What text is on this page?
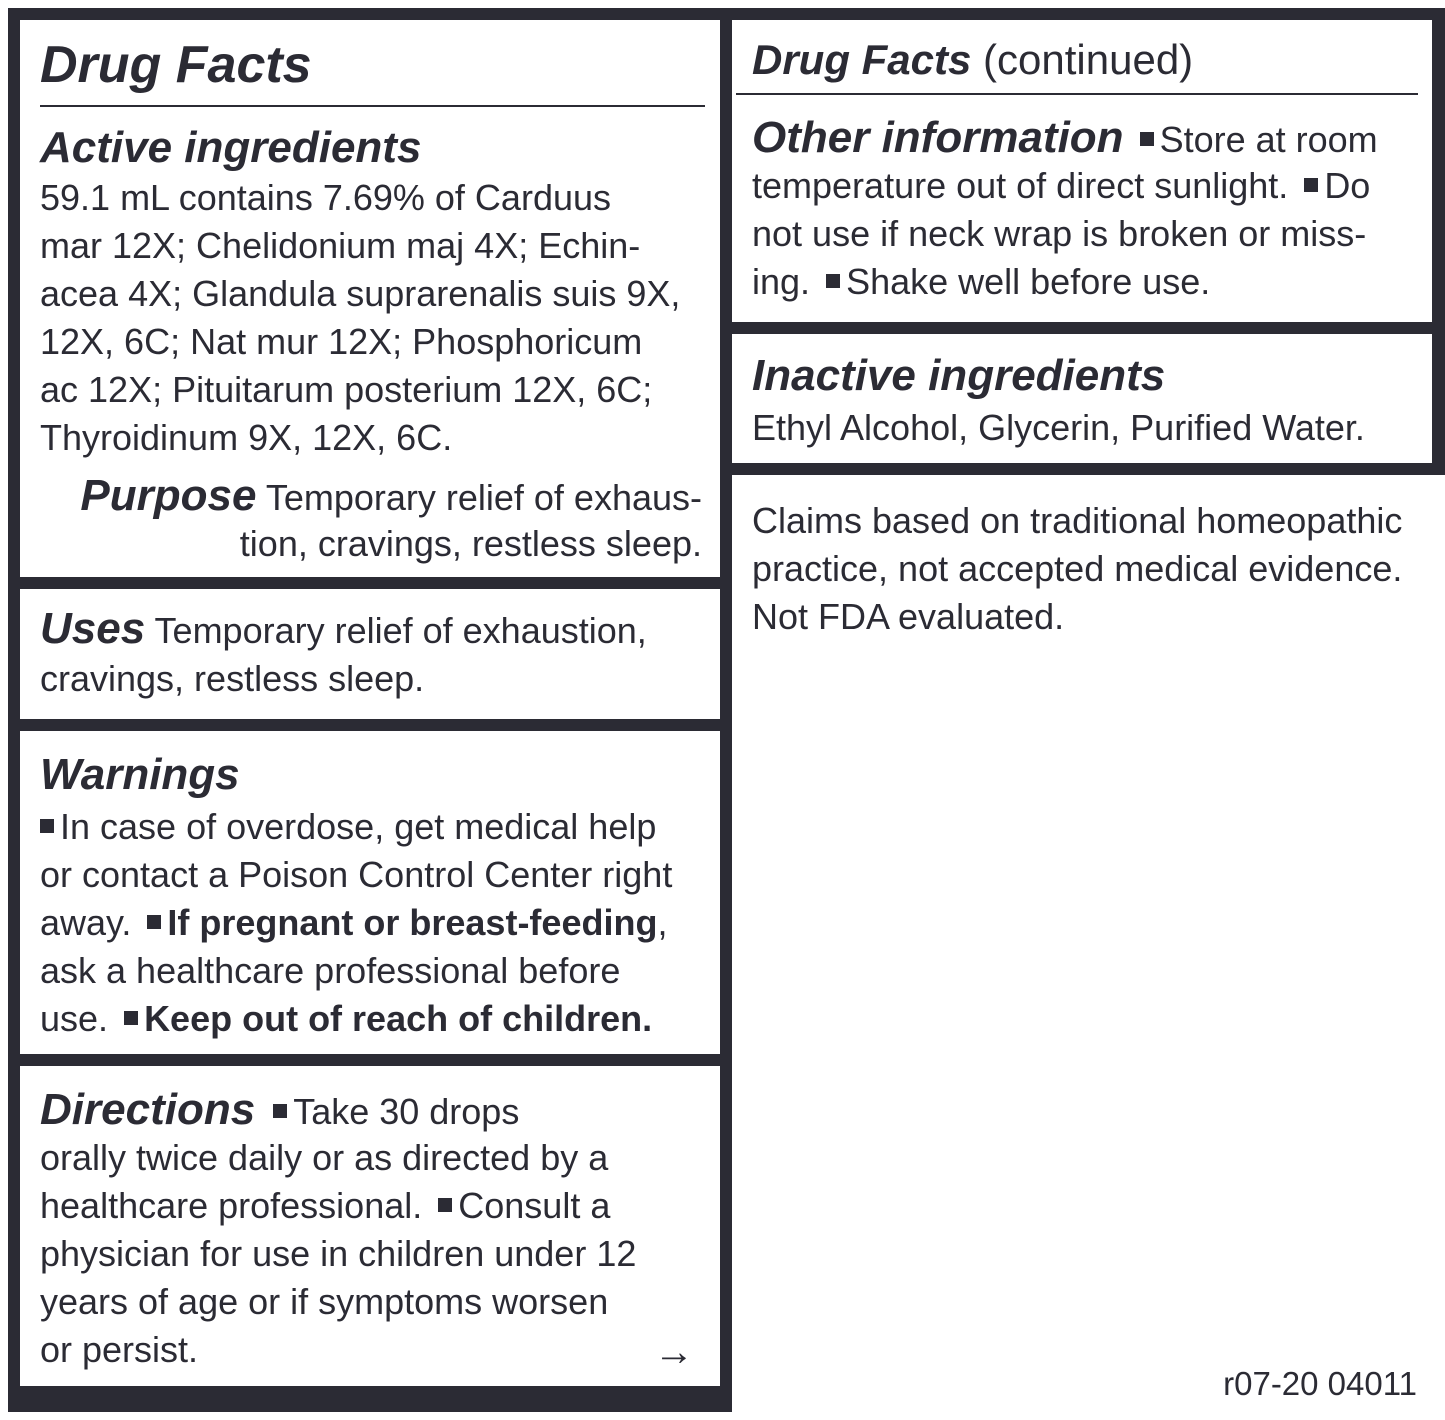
Drug Facts
Active ingredients
59.1 mL contains 7.69% of Carduus
mar 12X; Chelidonium maj 4X; Echin-
acea 4X; Glandula suprarenalis suis 9X,
12X, 6C; Nat mur 12X; Phosphoricum
ac 12X; Pituitarum posterium 12X, 6C;
Thyroidinum 9X, 12X, 6C.
Purpose Temporary relief of exhaus-
tion, cravings, restless sleep.
Uses Temporary relief of exhaustion,
cravings, restless sleep.
Warnings
In case of overdose, get medical help
or contact a Poison Control Center right
away. If pregnant or breast-feeding,
ask a healthcare professional before
use. Keep out of reach of children.
Directions Take 30 drops
orally twice daily or as directed by a
healthcare professional. Consult a
physician for use in children under 12
years of age or if symptoms worsen
or persist.	→
Drug Facts (continued)
Other information Store at room
temperature out of direct sunlight. Do
not use if neck wrap is broken or miss-
ing. Shake well before use.
Inactive ingredients
Ethyl Alcohol, Glycerin, Purified Water.
Claims based on traditional homeopathic
practice, not accepted medical evidence.
Not FDA evaluated.
r07-20 04011
